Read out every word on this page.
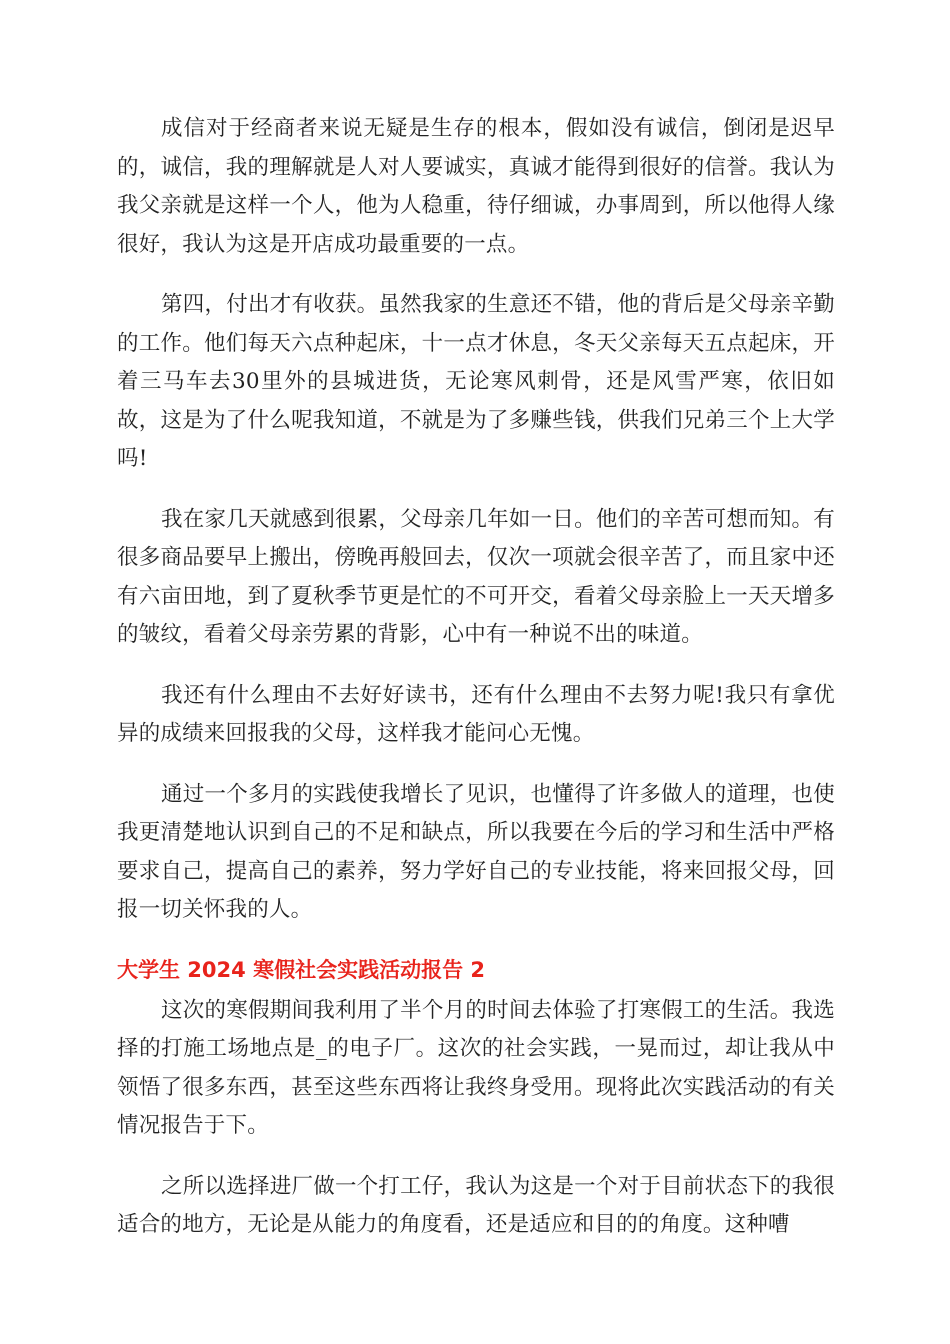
成信对于经商者来说无疑是生存的根本，假如没有诚信，倒闭是迟早的，诚信，我的理解就是人对人要诚实，真诚才能得到很好的信誉。我认为我父亲就是这样一个人，他为人稳重，待仔细诚，办事周到，所以他得人缘很好，我认为这是开店成功最重要的一点。

第四，付出才有收获。虽然我家的生意还不错，他的背后是父母亲辛勤的工作。他们每天六点种起床，十一点才休息，冬天父亲每天五点起床，开着三马车去30里外的县城进货，无论寒风刺骨，还是风雪严寒，依旧如故，这是为了什么呢我知道，不就是为了多赚些钱，供我们兄弟三个上大学吗!

我在家几天就感到很累，父母亲几年如一日。他们的辛苦可想而知。有很多商品要早上搬出，傍晚再般回去，仅次一项就会很辛苦了，而且家中还有六亩田地，到了夏秋季节更是忙的不可开交，看着父母亲脸上一天天增多的皱纹，看着父母亲劳累的背影，心中有一种说不出的味道。

我还有什么理由不去好好读书，还有什么理由不去努力呢!我只有拿优异的成绩来回报我的父母，这样我才能问心无愧。

通过一个多月的实践使我增长了见识，也懂得了许多做人的道理，也使我更清楚地认识到自己的不足和缺点，所以我要在今后的学习和生活中严格要求自己，提高自己的素养，努力学好自己的专业技能，将来回报父母，回报一切关怀我的人。

大学生 2024 寒假社会实践活动报告 2

这次的寒假期间我利用了半个月的时间去体验了打寒假工的生活。我选择的打施工场地点是_的电子厂。这次的社会实践，一晃而过，却让我从中领悟了很多东西，甚至这些东西将让我终身受用。现将此次实践活动的有关情况报告于下。

之所以选择进厂做一个打工仔，我认为这是一个对于目前状态下的我很适合的地方，无论是从能力的角度看，还是适应和目的的角度。这种嘈
